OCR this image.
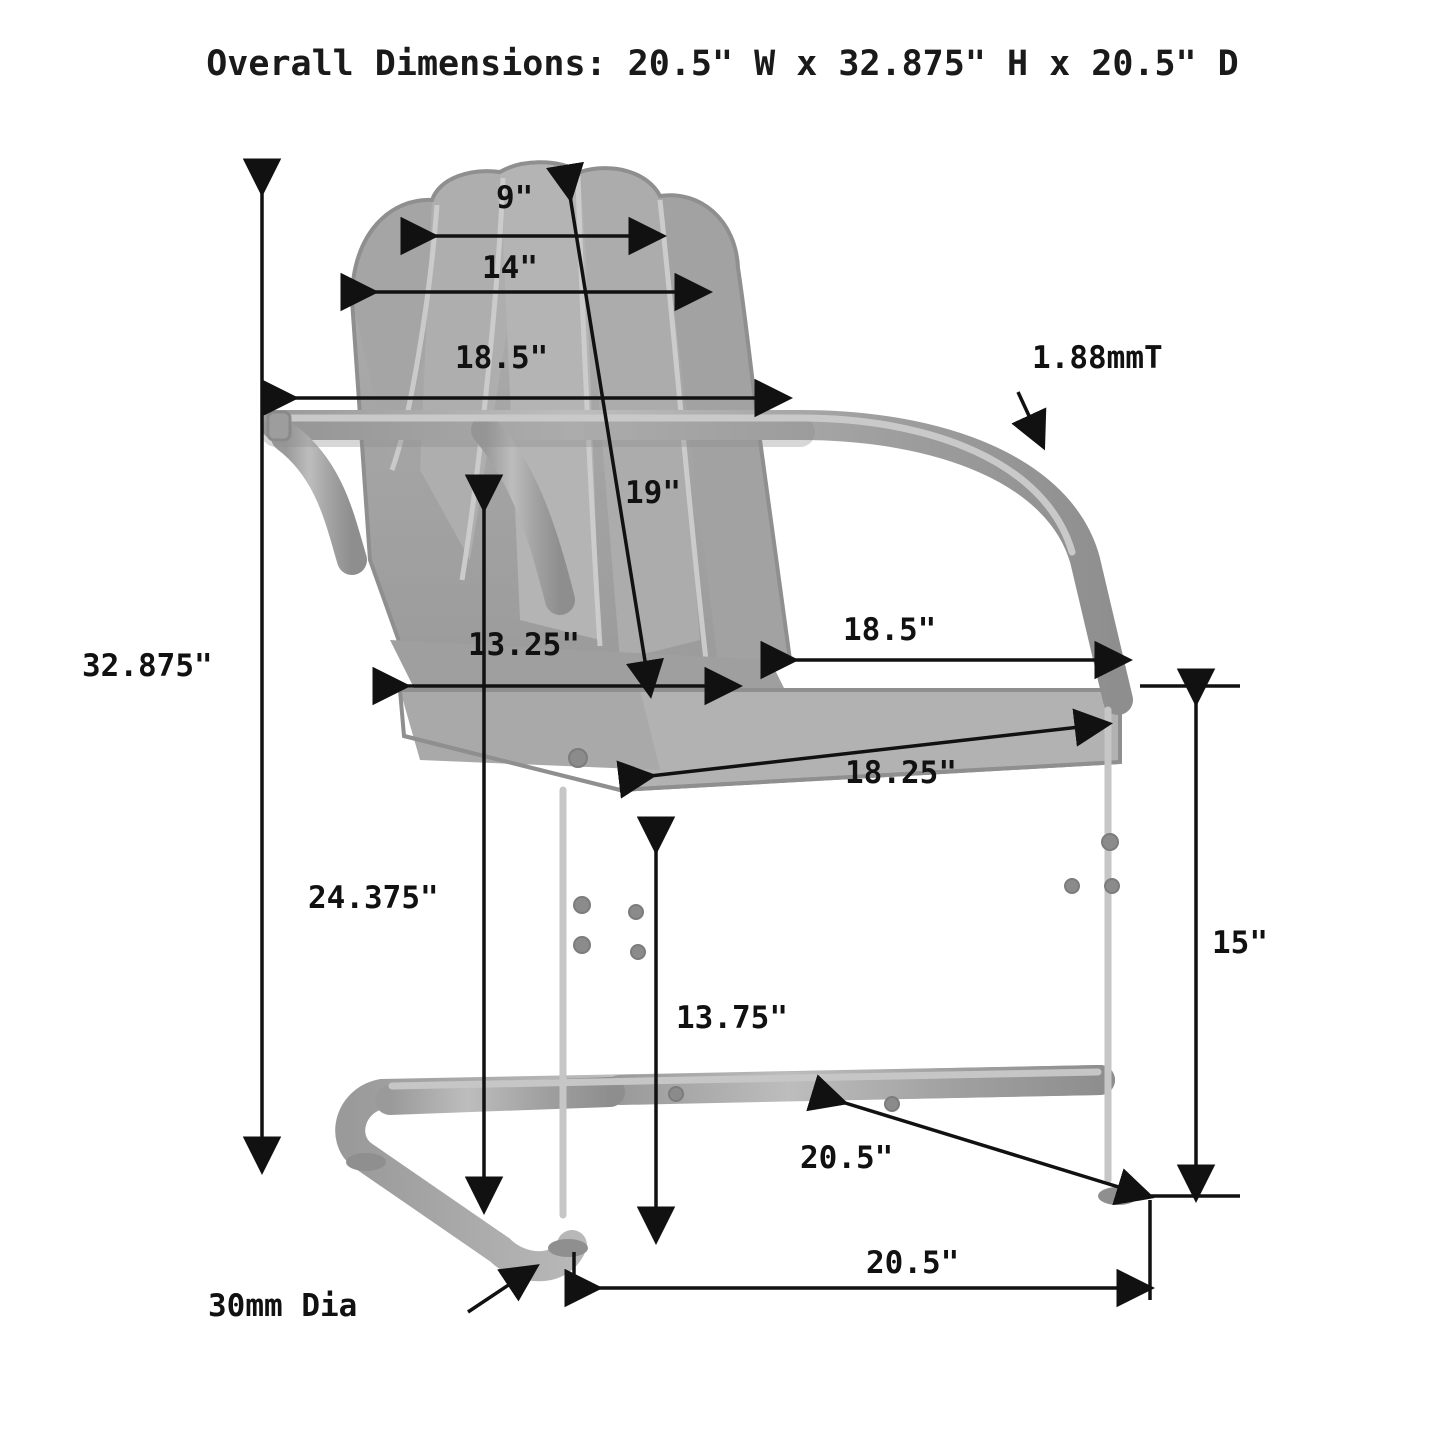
Overall Dimensions: 20.5" W x 32.875" H x 20.5" D
9"
14"
18.5"	1.88mmT
19"
13.25"	18.5"
32.875"
18.25"
24.375"
15"
13.75"
20.5"
20.5"
30mm Dia
